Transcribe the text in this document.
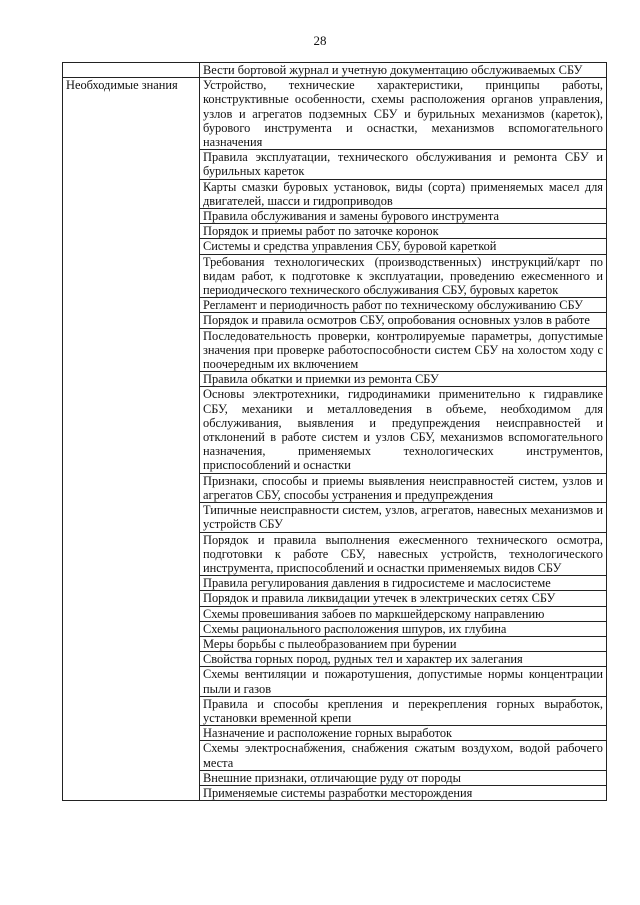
28
	Вести бортовой журнал и учетную документацию обслуживаемых СБУ
Необходимые знания	Устройство, технические характеристики, принципы работы, конструктивные особенности, схемы расположения органов управления, узлов и агрегатов подземных СБУ и бурильных механизмов (кареток), бурового инструмента и оснастки, механизмов вспомогательного назначения
	Правила эксплуатации, технического обслуживания и ремонта СБУ и бурильных кареток
	Карты смазки буровых установок, виды (сорта) применяемых масел для двигателей, шасси и гидроприводов
	Правила обслуживания и замены бурового инструмента
	Порядок и приемы работ по заточке коронок
	Системы и средства управления СБУ, буровой кареткой
	Требования технологических (производственных) инструкций/карт по видам работ, к подготовке к эксплуатации, проведению ежесменного и периодического технического обслуживания СБУ, буровых кареток
	Регламент и периодичность работ по техническому обслуживанию СБУ
	Порядок и правила осмотров СБУ, опробования основных узлов в работе
	Последовательность проверки, контролируемые параметры, допустимые значения при проверке работоспособности систем СБУ на холостом ходу с поочередным их включением
	Правила обкатки и приемки из ремонта СБУ
	Основы электротехники, гидродинамики применительно к гидравлике СБУ, механики и металловедения в объеме, необходимом для обслуживания, выявления и предупреждения неисправностей и отклонений в работе систем и узлов СБУ, механизмов вспомогательного назначения, применяемых технологических инструментов, приспособлений и оснастки
	Признаки, способы и приемы выявления неисправностей систем, узлов и агрегатов СБУ, способы устранения и предупреждения
	Типичные неисправности систем, узлов, агрегатов, навесных механизмов и устройств СБУ
	Порядок и правила выполнения ежесменного технического осмотра, подготовки к работе СБУ, навесных устройств, технологического инструмента, приспособлений и оснастки применяемых видов СБУ
	Правила регулирования давления в гидросистеме и маслосистеме
	Порядок и правила ликвидации утечек в электрических сетях СБУ
	Схемы провешивания забоев по маркшейдерскому направлению
	Схемы рационального расположения шпуров, их глубина
	Меры борьбы с пылеобразованием при бурении
	Свойства горных пород, рудных тел и характер их залегания
	Схемы вентиляции и пожаротушения, допустимые нормы концентрации пыли и газов
	Правила и способы крепления и перекрепления горных выработок, установки временной крепи
	Назначение и расположение горных выработок
	Схемы электроснабжения, снабжения сжатым воздухом, водой рабочего места
	Внешние признаки, отличающие руду от породы
	Применяемые системы разработки месторождения
